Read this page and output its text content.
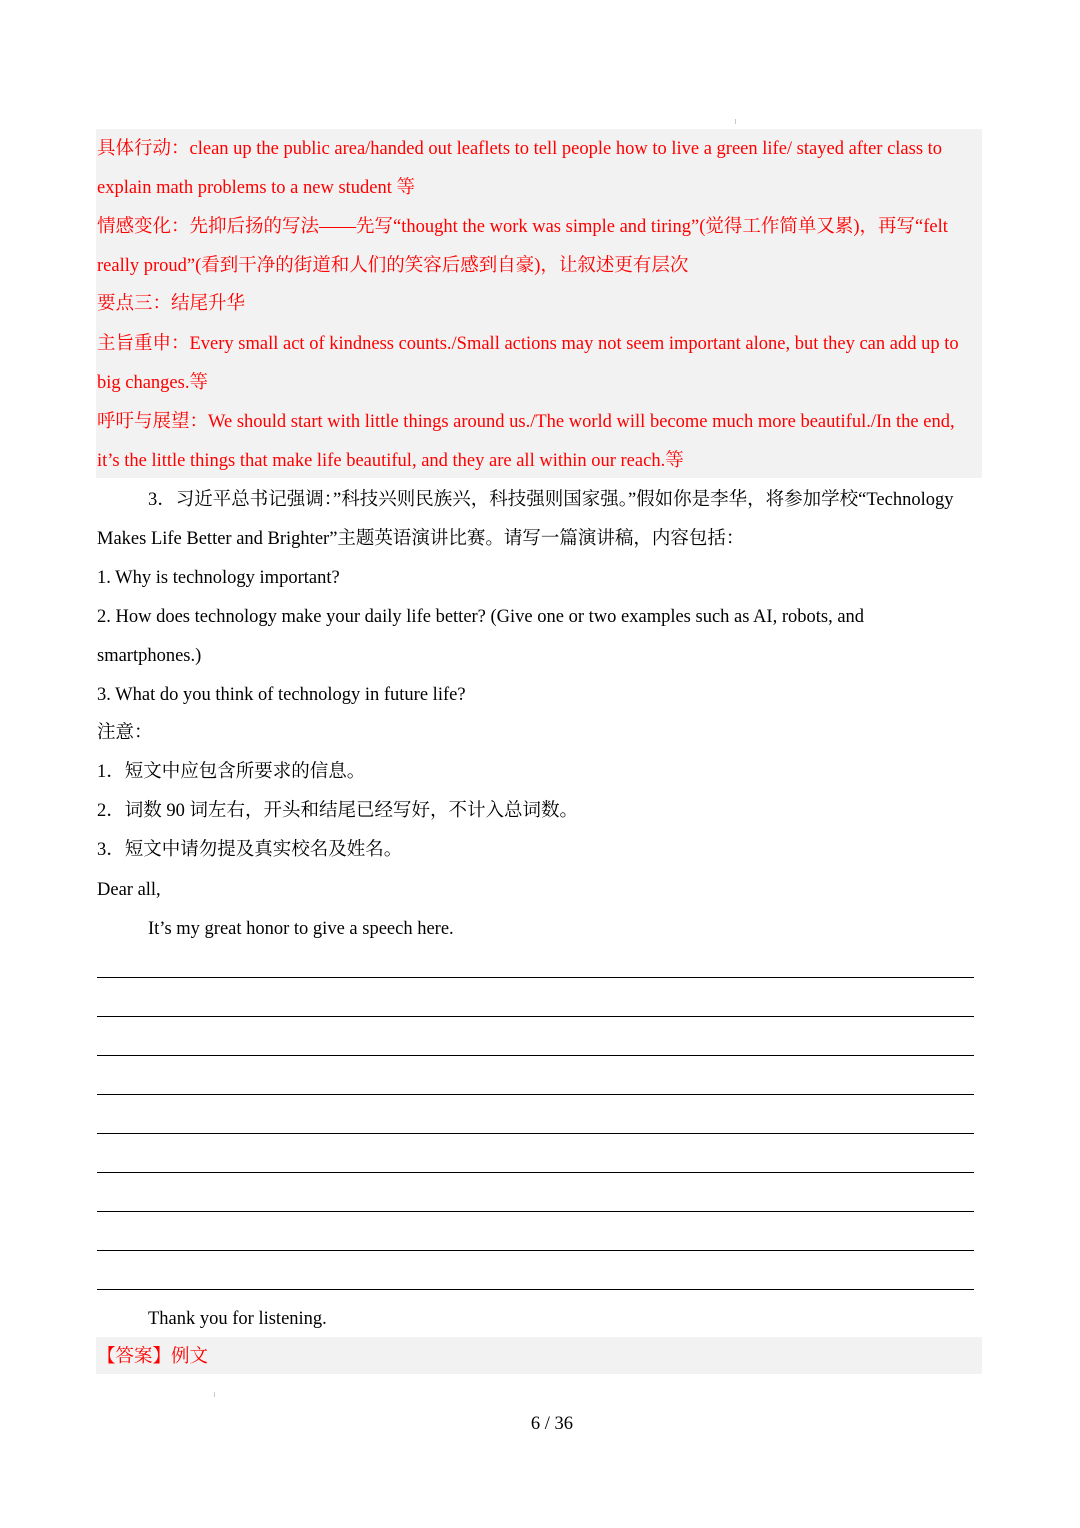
具体行动：clean up the public area/handed out leaflets to tell people how to live a green life/ stayed after class to
explain math problems to a new student 等
情感变化：先抑后扬的写法——先写“thought the work was simple and tiring”(觉得工作简单又累)，再写“felt
really proud”(看到干净的街道和人们的笑容后感到自豪)，让叙述更有层次
要点三：结尾升华
主旨重申：Every small act of kindness counts./Small actions may not seem important alone, but they can add up to
big changes.等
呼吁与展望：We should start with little things around us./The world will become much more beautiful./In the end,
it’s the little things that make life beautiful, and they are all within our reach.等
3．习近平总书记强调：”科技兴则民族兴，科技强则国家强。”假如你是李华，将参加学校“Technology
Makes Life Better and Brighter”主题英语演讲比赛。请写一篇演讲稿，内容包括：
1. Why is technology important?
2. How does technology make your daily life better? (Give one or two examples such as AI, robots, and
smartphones.)
3. What do you think of technology in future life?
注意：
1．短文中应包含所要求的信息。
2．词数 90 词左右，开头和结尾已经写好，不计入总词数。
3．短文中请勿提及真实校名及姓名。
Dear all,
It’s my great honor to give a speech here.
Thank you for listening.
【答案】例文
6 / 36
